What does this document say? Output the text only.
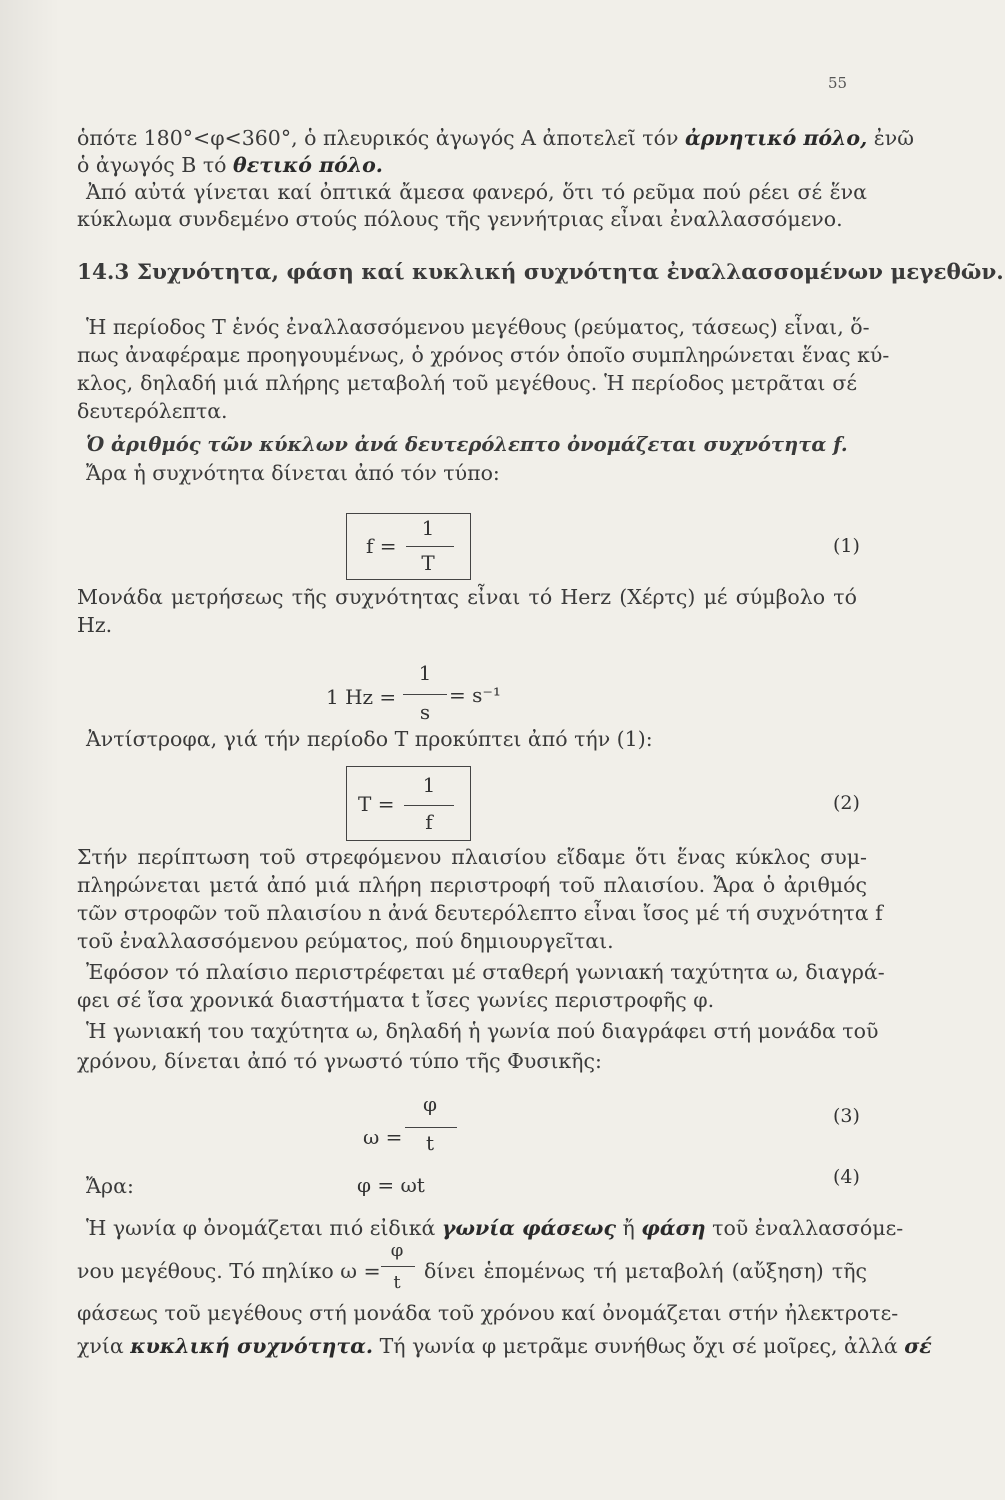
55
ὁπότε 180°<φ<360°, ὁ πλευρικός ἀγωγός Α ἀποτελεῖ τόν ἀρνητικό πόλο, ἐνῶ
ὁ ἀγωγός Β τό θετικό πόλο.
Ἀπό αὐτά γίνεται καί ὀπτικά ἄμεσα φανερό, ὅτι τό ρεῦμα πού ρέει σέ ἕνα
κύκλωμα συνδεμένο στούς πόλους τῆς γεννήτριας εἶναι ἐναλλασσόμενο.
14.3 Συχνότητα, φάση καί κυκλική συχνότητα ἐναλλασσομένων μεγεθῶν.
Ἡ περίοδος Τ ἑνός ἐναλλασσόμενου μεγέθους (ρεύματος, τάσεως) εἶναι, ὅ-
πως ἀναφέραμε προηγουμένως, ὁ χρόνος στόν ὁποῖο συμπληρώνεται ἕνας κύ-
κλος, δηλαδή μιά πλήρης μεταβολή τοῦ μεγέθους. Ἡ περίοδος μετρᾶται σέ
δευτερόλεπτα.
Ὁ ἀριθμός τῶν κύκλων ἀνά δευτερόλεπτο ὀνομάζεται συχνότητα f.
Ἄρα ἡ συχνότητα δίνεται ἀπό τόν τύπο:
f =
1
T
(1)
Μονάδα μετρήσεως τῆς συχνότητας εἶναι τό Herz (Χέρτς) μέ σύμβολο τό
Hz.
1 Hz =
1
s
= s⁻¹
Ἀντίστροφα, γιά τήν περίοδο Τ προκύπτει ἀπό τήν (1):
T =
1
f
(2)
Στήν περίπτωση τοῦ στρεφόμενου πλαισίου εἴδαμε ὅτι ἕνας κύκλος συμ-
πληρώνεται μετά ἀπό μιά πλήρη περιστροφή τοῦ πλαισίου. Ἄρα ὁ ἀριθμός
τῶν στροφῶν τοῦ πλαισίου n ἀνά δευτερόλεπτο εἶναι ἴσος μέ τή συχνότητα f
τοῦ ἐναλλασσόμενου ρεύματος, πού δημιουργεῖται.
Ἐφόσον τό πλαίσιο περιστρέφεται μέ σταθερή γωνιακή ταχύτητα ω, διαγρά-
φει σέ ἴσα χρονικά διαστήματα t ἴσες γωνίες περιστροφῆς φ.
Ἡ γωνιακή του ταχύτητα ω, δηλαδή ἡ γωνία πού διαγράφει στή μονάδα τοῦ
χρόνου, δίνεται ἀπό τό γνωστό τύπο τῆς Φυσικῆς:
ω =
φ
t
(3)
Ἄρα:	φ = ωt	(4)
Ἡ γωνία φ ὀνομάζεται πιό εἰδικά γωνία φάσεως ἤ φάση τοῦ ἐναλλασσόμε-
νου μεγέθους. Τό πηλίκο ω =
φ
t	δίνει ἑπομένως τή μεταβολή (αὔξηση) τῆς
φάσεως τοῦ μεγέθους στή μονάδα τοῦ χρόνου καί ὀνομάζεται στήν ἠλεκτροτε-
χνία κυκλική συχνότητα. Τή γωνία φ μετρᾶμε συνήθως ὄχι σέ μοῖρες, ἀλλά σέ
